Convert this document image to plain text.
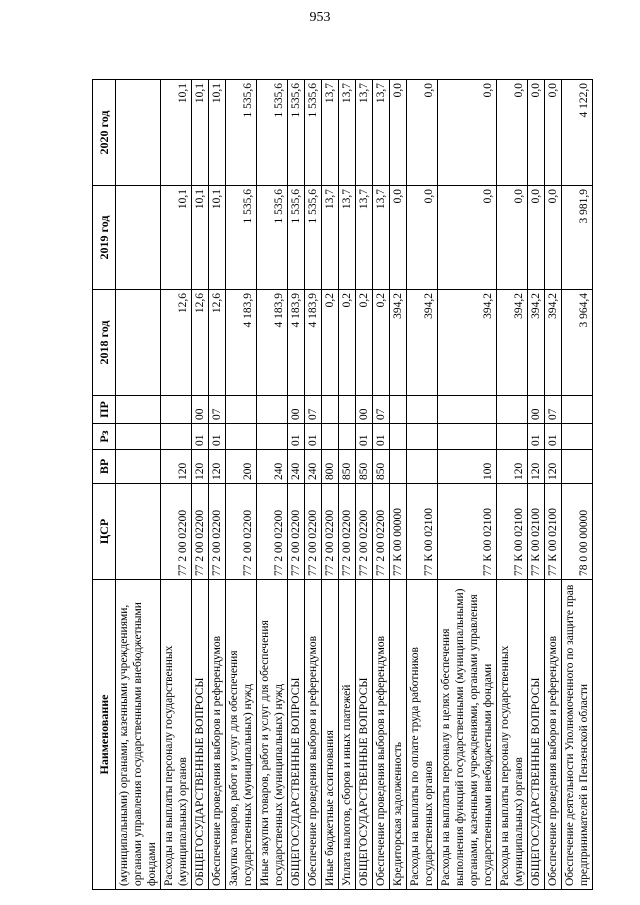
953
Наименование	ЦСР	ВР	Рз	ПР	2018 год	2019 год	2020 год
(муниципальными) органами, казенными учреждениями, органами управления государственными внебюджетными фондами							
Расходы на выплаты персоналу государственных (муниципальных) органов	77 2 00 02200	120			12,6	10,1	10,1
ОБЩЕГОСУДАРСТВЕННЫЕ ВОПРОСЫ	77 2 00 02200	120	01	00	12,6	10,1	10,1
Обеспечение проведения выборов и референдумов	77 2 00 02200	120	01	07	12,6	10,1	10,1
Закупка товаров, работ и услуг для обеспечения государственных (муниципальных) нужд	77 2 00 02200	200			4 183,9	1 535,6	1 535,6
Иные закупки товаров, работ и услуг для обеспечения государственных (муниципальных) нужд	77 2 00 02200	240			4 183,9	1 535,6	1 535,6
ОБЩЕГОСУДАРСТВЕННЫЕ ВОПРОСЫ	77 2 00 02200	240	01	00	4 183,9	1 535,6	1 535,6
Обеспечение проведения выборов и референдумов	77 2 00 02200	240	01	07	4 183,9	1 535,6	1 535,6
Иные бюджетные ассигнования	77 2 00 02200	800			0,2	13,7	13,7
Уплата налогов, сборов и иных платежей	77 2 00 02200	850			0,2	13,7	13,7
ОБЩЕГОСУДАРСТВЕННЫЕ ВОПРОСЫ	77 2 00 02200	850	01	00	0,2	13,7	13,7
Обеспечение проведения выборов и референдумов	77 2 00 02200	850	01	07	0,2	13,7	13,7
Кредиторская задолженность	77 К 00 00000				394,2	0,0	0,0
Расходы на выплаты по оплате труда работников государственных органов	77 К 00 02100				394,2	0,0	0,0
Расходы на выплаты персоналу в целях обеспечения выполнения функций государственными (муниципальными) органами, казенными учреждениями, органами управления государственными внебюджетными фондами	77 К 00 02100	100			394,2	0,0	0,0
Расходы на выплаты персоналу государственных (муниципальных) органов	77 К 00 02100	120			394,2	0,0	0,0
ОБЩЕГОСУДАРСТВЕННЫЕ ВОПРОСЫ	77 К 00 02100	120	01	00	394,2	0,0	0,0
Обеспечение проведения выборов и референдумов	77 К 00 02100	120	01	07	394,2	0,0	0,0
Обеспечение деятельности Уполномоченного по защите прав предпринимателей в Пензенской области	78 0 00 00000				3 964,4	3 981,9	4 122,0
